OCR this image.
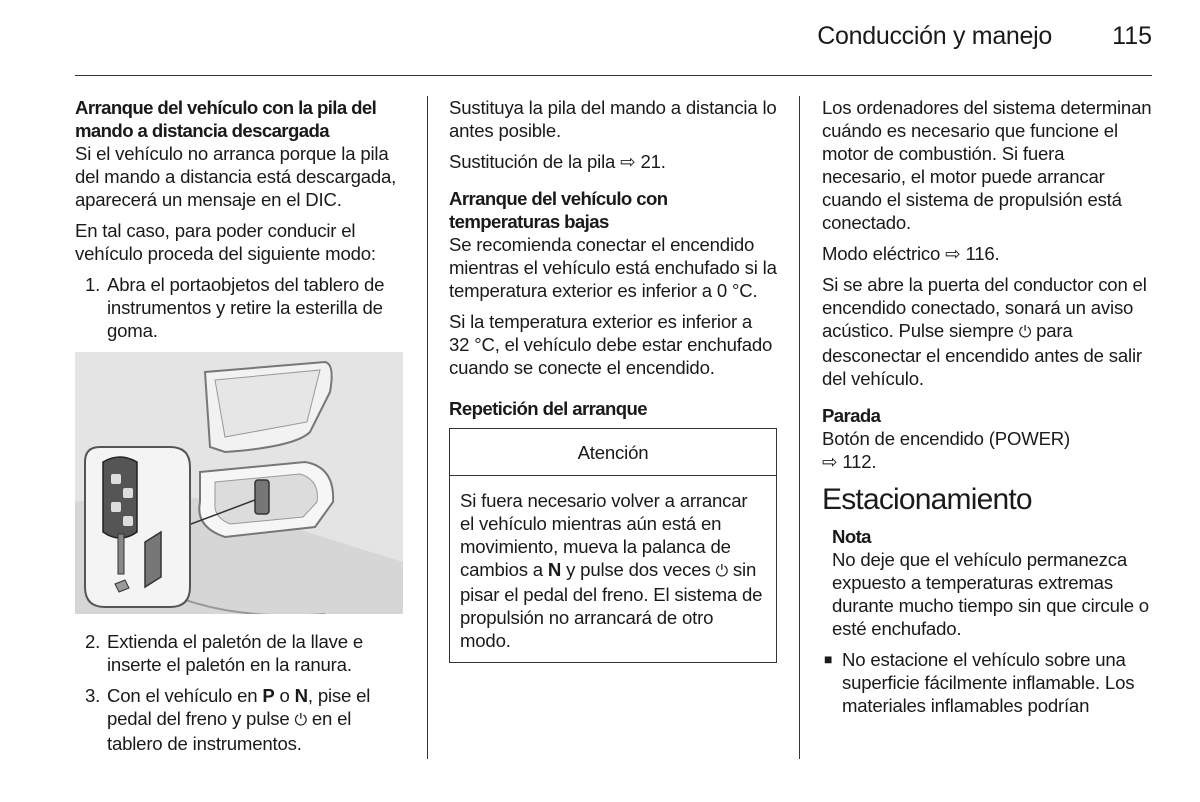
Conducción y manejo 115
Arranque del vehículo con la pila del mando a distancia descargada

Si el vehículo no arranca porque la pila del mando a distancia está descargada, aparecerá un mensaje en el DIC.

En tal caso, para poder conducir el vehículo proceda del siguiente modo:

1. Abra el portaobjetos del tablero de instrumentos y retire la esterilla de goma.
2. Extienda el paletón de la llave e inserte el paletón en la ranura.
3. Con el vehículo en P o N, pise el pedal del freno y pulse ⏻ en el tablero de instrumentos.

Sustituya la pila del mando a distancia lo antes posible.

Sustitución de la pila ⇨ 21.

Arranque del vehículo con temperaturas bajas

Se recomienda conectar el encendido mientras el vehículo está enchufado si la temperatura exterior es inferior a 0 °C.

Si la temperatura exterior es inferior a 32 °C, el vehículo debe estar enchufado cuando se conecte el encendido.

Repetición del arranque
Atención
Si fuera necesario volver a arrancar el vehículo mientras aún está en movimiento, mueva la palanca de cambios a N y pulse dos veces ⏻ sin pisar el pedal del freno. El sistema de propulsión no arrancará de otro modo.

Los ordenadores del sistema determinan cuándo es necesario que funcione el motor de combustión. Si fuera necesario, el motor puede arrancar cuando el sistema de propulsión está conectado.

Modo eléctrico ⇨ 116.

Si se abre la puerta del conductor con el encendido conectado, sonará un aviso acústico. Pulse siempre ⏻ para desconectar el encendido antes de salir del vehículo.

Parada

Botón de encendido (POWER)
⇨ 112.

Estacionamiento
Nota

No deje que el vehículo permanezca expuesto a temperaturas extremas durante mucho tiempo sin que circule o esté enchufado.

■ No estacione el vehículo sobre una superficie fácilmente inflamable. Los materiales inflamables podrían
